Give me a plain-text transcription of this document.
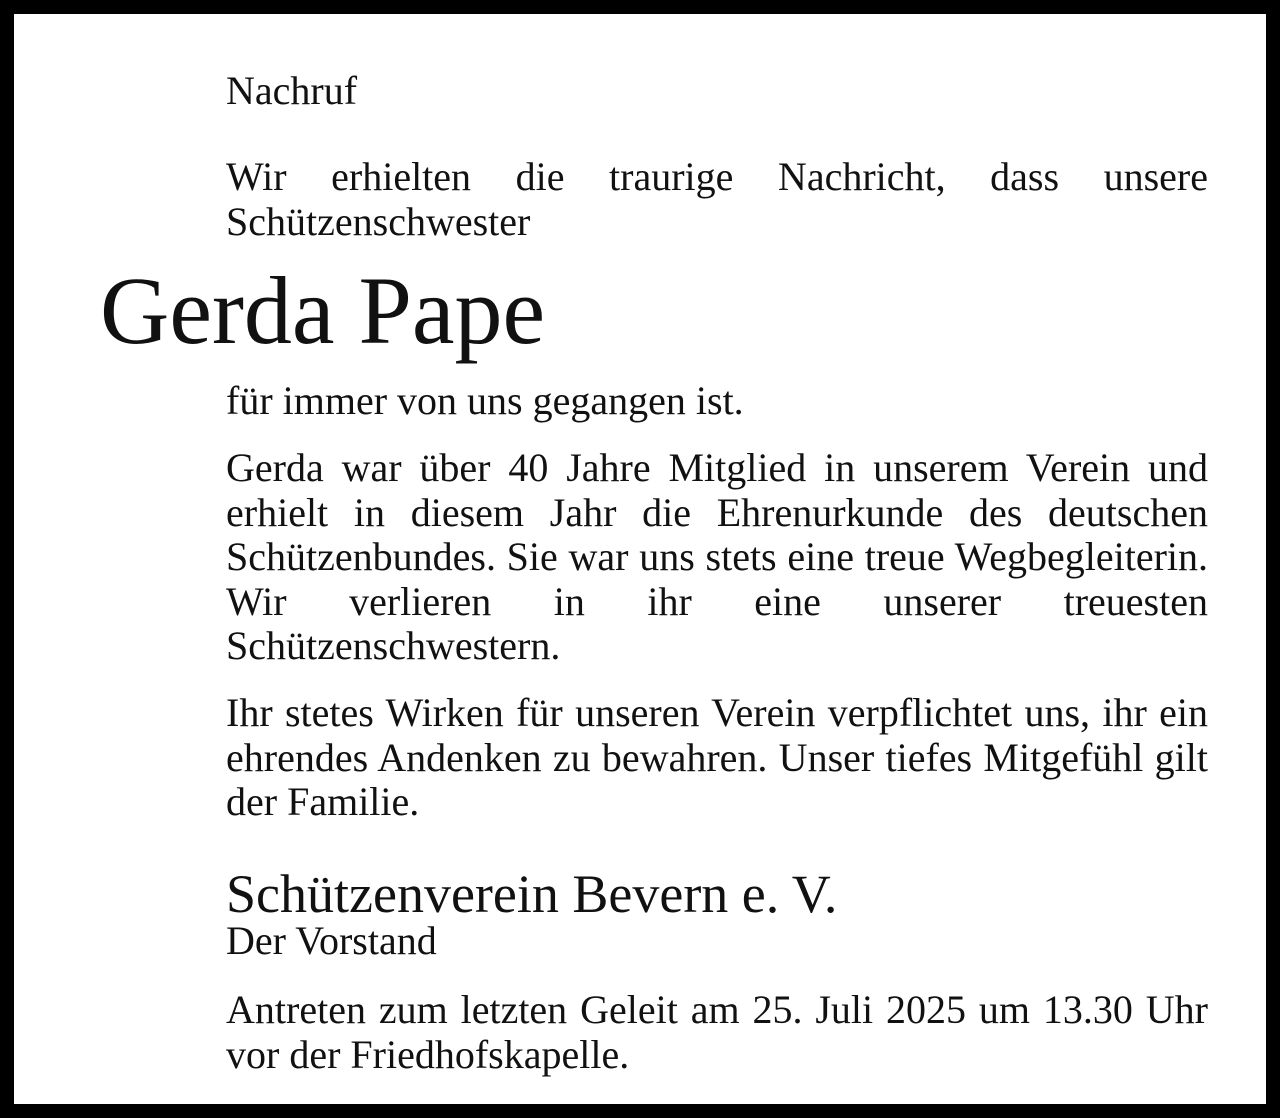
Nachruf

Wir erhielten die traurige Nachricht, dass unsere Schützenschwester

Gerda Pape

für immer von uns gegangen ist.

Gerda war über 40 Jahre Mitglied in unserem Verein und erhielt in diesem Jahr die Ehrenurkunde des deutschen Schützenbundes. Sie war uns stets eine treue Wegbegleiterin. Wir verlieren in ihr eine unserer treuesten Schützenschwestern.

Ihr stetes Wirken für unseren Verein verpflichtet uns, ihr ein ehrendes Andenken zu bewahren. Unser tiefes Mitgefühl gilt der Familie.

Schützenverein Bevern e. V.

Der Vorstand

Antreten zum letzten Geleit am 25. Juli 2025 um 13.30 Uhr vor der Friedhofskapelle.
